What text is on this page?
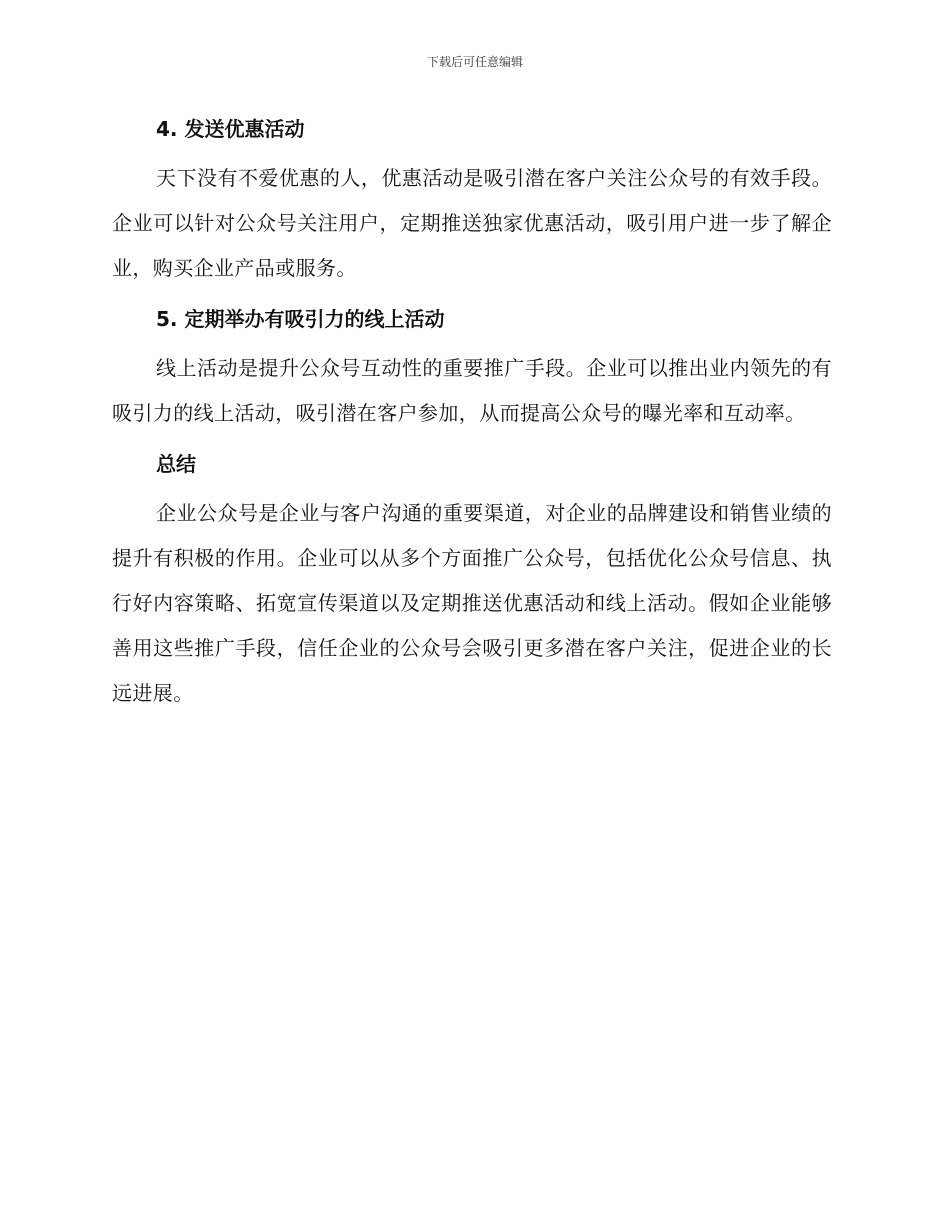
下载后可任意编辑
4. 发送优惠活动

天下没有不爱优惠的人，优惠活动是吸引潜在客户关注公众号的有效手段。企业可以针对公众号关注用户，定期推送独家优惠活动，吸引用户进一步了解企业，购买企业产品或服务。

5. 定期举办有吸引力的线上活动

线上活动是提升公众号互动性的重要推广手段。企业可以推出业内领先的有吸引力的线上活动，吸引潜在客户参加，从而提高公众号的曝光率和互动率。

总结

企业公众号是企业与客户沟通的重要渠道，对企业的品牌建设和销售业绩的提升有积极的作用。企业可以从多个方面推广公众号，包括优化公众号信息、执行好内容策略、拓宽宣传渠道以及定期推送优惠活动和线上活动。假如企业能够善用这些推广手段，信任企业的公众号会吸引更多潜在客户关注，促进企业的长远进展。
